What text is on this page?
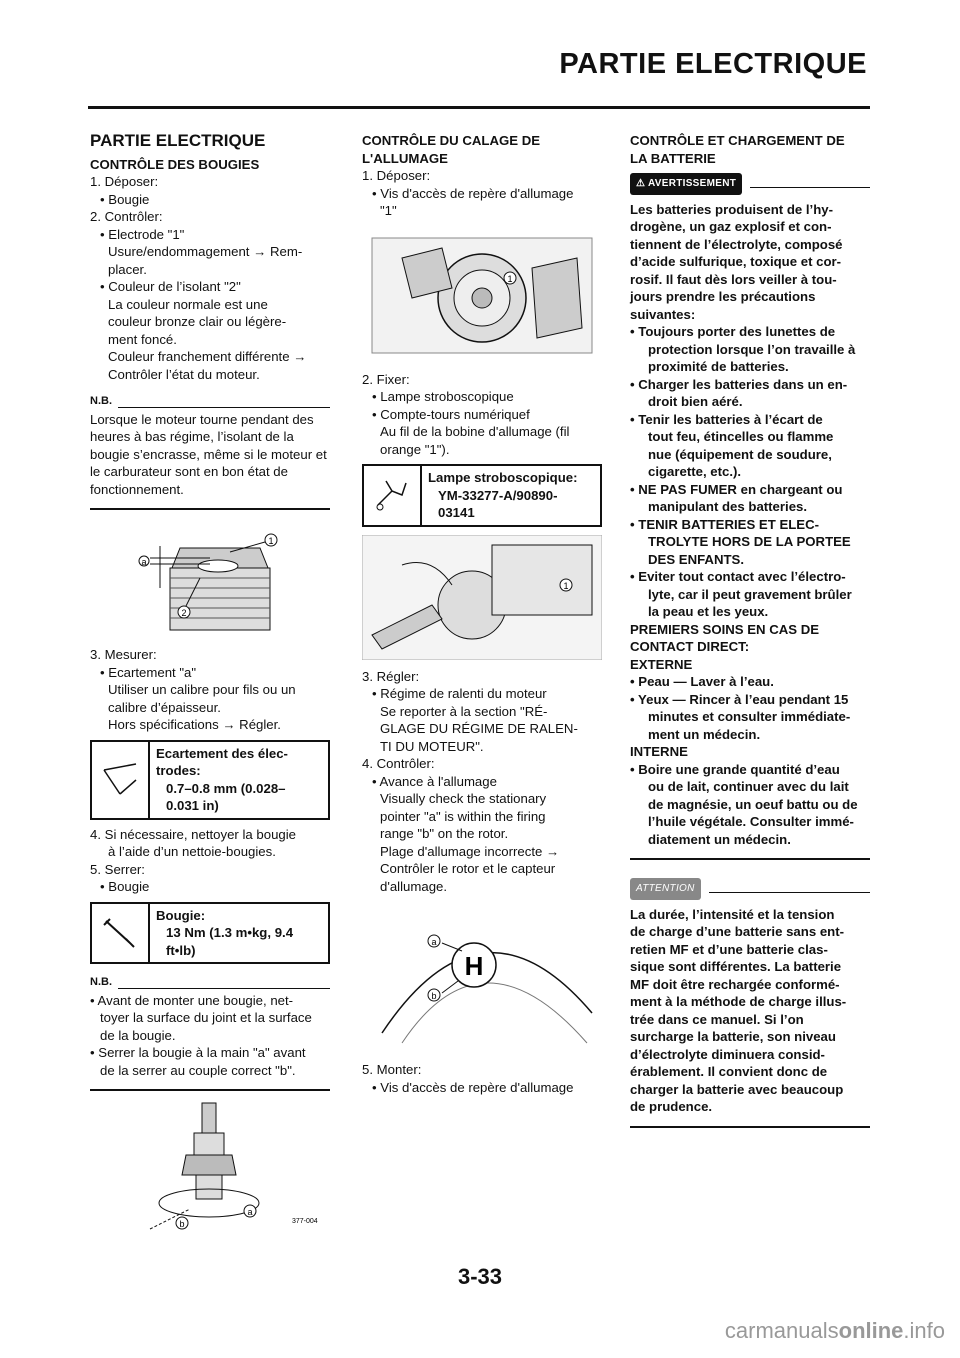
PARTIE ELECTRIQUE
PARTIE ELECTRIQUE

CONTRÔLE DES BOUGIES

1. Déposer:

• Bougie

2. Contrôler:

• Electrode "1"

Usure/endommagement → Rem-

placer.

• Couleur de l’isolant "2"

La couleur normale est une

couleur bronze clair ou légère-

ment foncé.

Couleur franchement différente →

Contrôler l’état du moteur.

N.B.

Lorsque le moteur tourne pendant des heures à bas régime, l’isolant de la bougie s’encrasse, même si le moteur et le carburateur sont en bon état de fonctionnement.

a
1
2

3. Mesurer:

• Ecartement "a"

Utiliser un calibre pour fils ou un

calibre d’épaisseur.

Hors spécifications → Régler.

Ecartement des élec-

trodes:

0.7–0.8 mm (0.028–

0.031 in)

4. Si nécessaire, nettoyer la bougie

à l’aide d’un nettoie-bougies.

5. Serrer:

• Bougie

Bougie:

13 Nm (1.3 m•kg, 9.4

ft•lb)

N.B.

• Avant de monter une bougie, net-

toyer la surface du joint et la surface

de la bougie.

• Serrer la bougie à la main "a" avant

de la serrer au couple correct "b".

b
a
377-004

CONTRÔLE DU CALAGE DE

L'ALLUMAGE

1. Déposer:

• Vis d'accès de repère d'allumage

"1"

1

2. Fixer:

• Lampe stroboscopique

• Compte-tours numériquef

Au fil de la bobine d'allumage (fil

orange "1").

Lampe stroboscopique:

YM-33277-A/90890-

03141

1

3. Régler:

• Régime de ralenti du moteur

Se reporter à la section "RÉ-

GLAGE DU RÉGIME DE RALEN-

TI DU MOTEUR".

4. Contrôler:

• Avance à l'allumage

Visually check the stationary

pointer "a" is within the firing

range "b" on the rotor.

Plage d'allumage incorrecte →

Contrôler le rotor et le capteur

d'allumage.

H
a
b

5. Monter:

• Vis d'accès de repère d'allumage

CONTRÔLE ET CHARGEMENT DE

LA BATTERIE

⚠ AVERTISSEMENT

Les batteries produisent de l’hy-

drogène, un gaz explosif et con-

tiennent de l’électrolyte, composé

d’acide sulfurique, toxique et cor-

rosif. Il faut dès lors veiller à tou-

jours prendre les précautions

suivantes:

• Toujours porter des lunettes de

protection lorsque l’on travaille à

proximité de batteries.

• Charger les batteries dans un en-

droit bien aéré.

• Tenir les batteries à l’écart de

tout feu, étincelles ou flamme

nue (équipement de soudure,

cigarette, etc.).

• NE PAS FUMER en chargeant ou

manipulant des batteries.

• TENIR BATTERIES ET ELEC-

TROLYTE HORS DE LA PORTEE

DES ENFANTS.

• Eviter tout contact avec l’électro-

lyte, car il peut gravement brûler

la peau et les yeux.

PREMIERS SOINS EN CAS DE

CONTACT DIRECT:

EXTERNE

• Peau — Laver à l’eau.

• Yeux — Rincer à l’eau pendant 15

minutes et consulter immédiate-

ment un médecin.

INTERNE

• Boire une grande quantité d’eau

ou de lait, continuer avec du lait

de magnésie, un oeuf battu ou de

l’huile végétale. Consulter immé-

diatement un médecin.

ATTENTION

La durée, l’intensité et la tension

de charge d’une batterie sans ent-

retien MF et d’une batterie clas-

sique sont différentes. La batterie

MF doit être rechargée conformé-

ment à la méthode de charge illus-

trée dans ce manuel. Si l’on

surcharge la batterie, son niveau

d’électrolyte diminuera consid-

érablement. Il convient donc de

charger la batterie avec beaucoup

de prudence.

3-33
carmanualsonline.info
